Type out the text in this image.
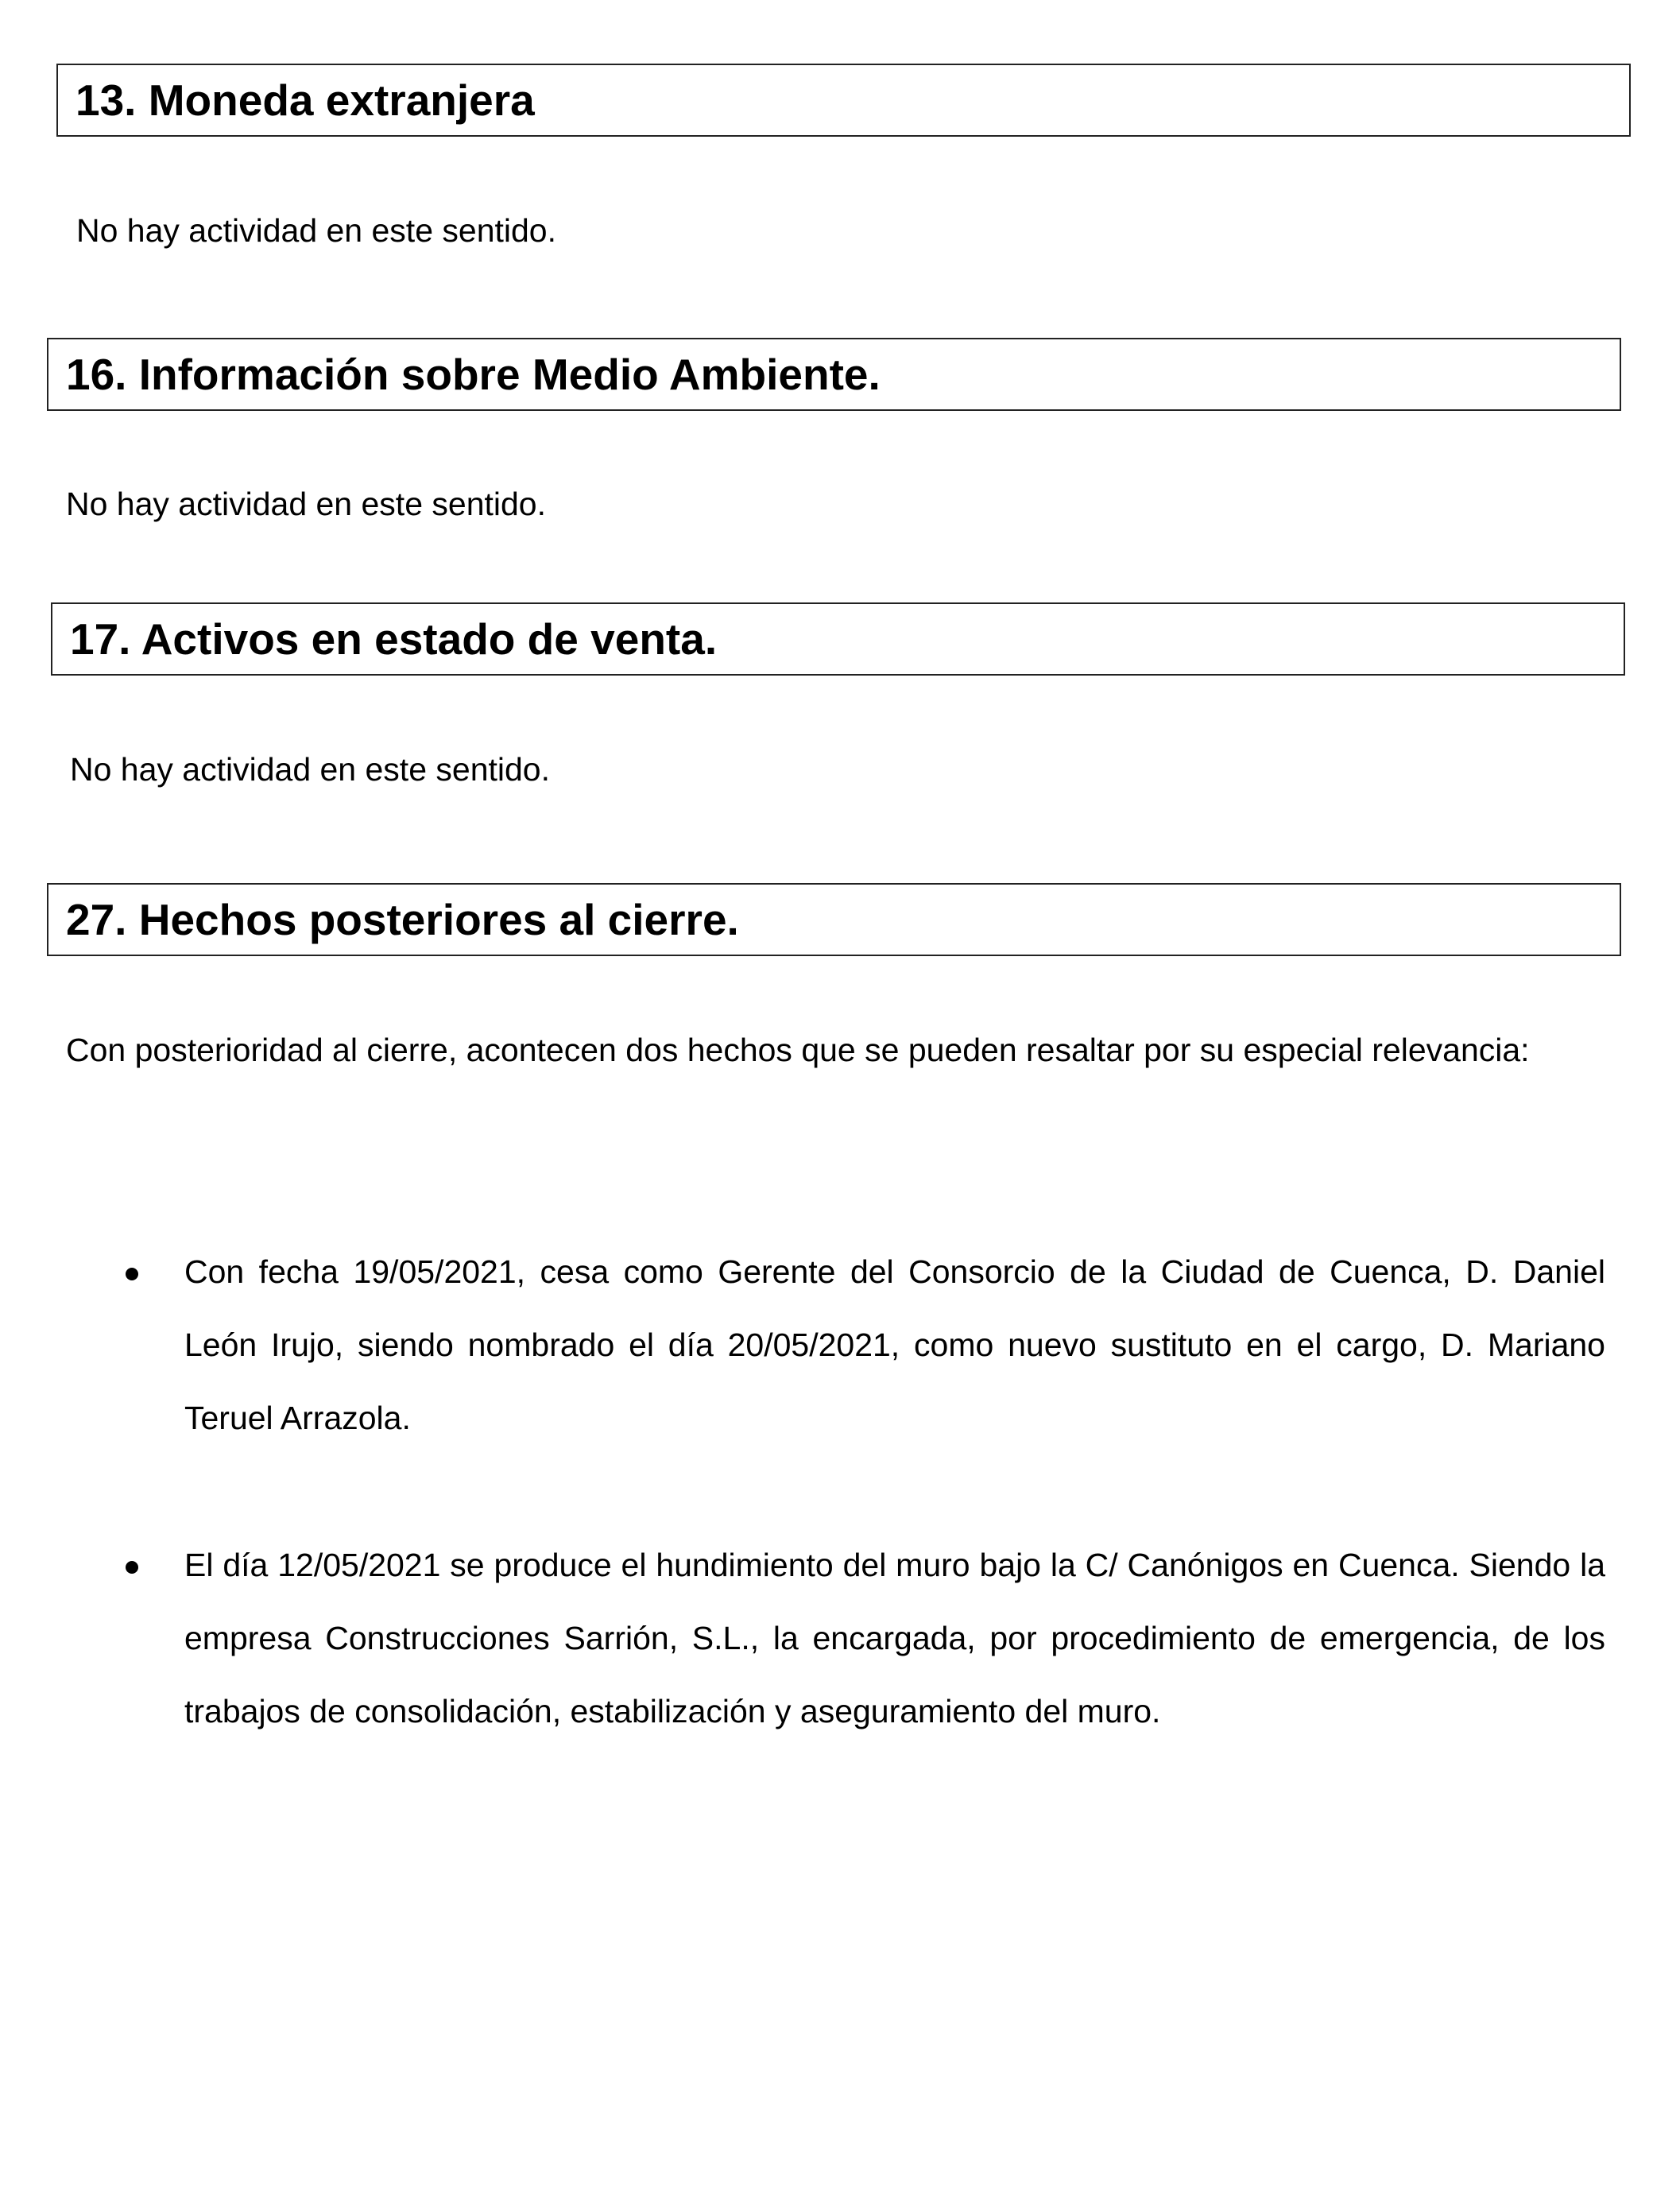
13. Moneda extranjera
No hay actividad en este sentido.
16. Información sobre Medio Ambiente.
No hay actividad en este sentido.
17. Activos en estado de venta.
No hay actividad en este sentido.
27. Hechos posteriores al cierre.
Con posterioridad al cierre, acontecen dos hechos que se pueden resaltar por su especial relevancia:
Con fecha 19/05/2021, cesa como Gerente del Consorcio de la Ciudad de Cuenca, D. Daniel León Irujo, siendo nombrado el día 20/05/2021, como nuevo sustituto en el cargo, D. Mariano Teruel Arrazola.
El día 12/05/2021 se produce el hundimiento del muro bajo la C/ Canónigos en Cuenca. Siendo la empresa Construcciones Sarrión, S.L., la encargada, por procedimiento de emergencia, de los trabajos de consolidación, estabilización y aseguramiento del muro.
